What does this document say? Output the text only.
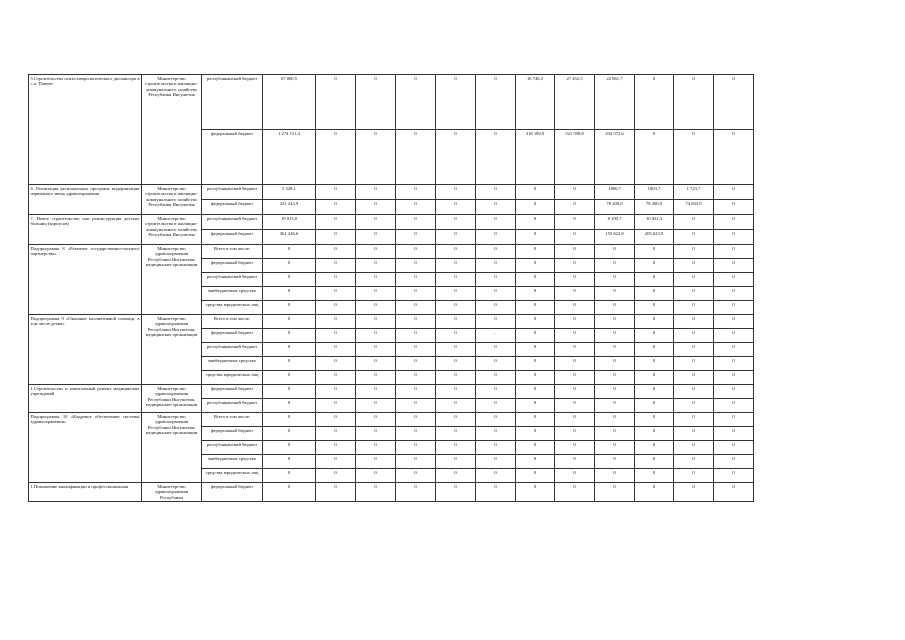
5.Строительство психо-неврологического диспансера в с.п. Плиево	Министерство строительства и жилищно-коммунального хозяйства Республики Ингушетия	республиканский бюджет	67 060,5	0	0	0	0	0	16 746,3	27 452,5	22 861,7	0	0	0
		федеральный бюджет	1 274 151,4	0	0	0	0	0	318 180,9	521 598,8	434 372,6	0	0	0
6. Реализация региональных программ модернизации первичного звена здравоохранения	Министерство строительства и жилищно-коммунального хозяйства Республики Ингушетия	республиканский бюджет	5 328,1	0	0	0	0	0	0	0	1800,7	1803,7	1 723,7	0
		федеральный бюджет	231 243,9	0	0	0	0	0	0	0	78 200,0	78 200,0	74 843,9	0
7. Новое строительство или реконструкция детских больниц (корпусов)	Министерство строительства и жилищно-коммунального хозяйства Республики Ингушетия	республиканский бюджет	19 013,0	0	0	0	0	0	0	0	8 190,7	10 822,3	0	0
		федеральный бюджет	361 246,6	0	0	0	0	0	0	0	155 622,8	205 623,9	0	0
Подпрограмма 8 «Развитие государственно-частного партнерства»	Министерство здравоохранения Республики Ингушетия, медицинские организации	Всего в том числе:	0	0	0	0	0	0	0	0	0	0	0	0
		федеральный бюджет	0	0	0	0	0	0	0	0	0	0	0	0
		республиканский бюджет	0	0	0	0	0	0	0	0	0	0	0	0
		внебюджетные средства	0	0	0	0	0	0	0	0	0	0	0	0
		средства юридических лиц	0	0	0	0	0	0	0	0	0	0	0	0
Подпрограмма 9 «Оказание паллиативной помощи, в том числе детям»	Министерство здравоохранения Республики Ингушетия, медицинские организации	Всего в том числе:	0	0	0	0	0	0	0	0	0	0	0	0
		федеральный бюджет	0	0	0	0	0	.	0	0	0	0	0	0
		республиканский бюджет	0	0	0	0	0	0	0	0	0	0	0	0
		внебюджетные средства	0	0	0	0	0	0	0	0	0	0	0	0
		средства юридических лиц	0	0	0	0	0	0	0	0	0	0	0	0
1.Строительство и капитальный ремонт медицинских учреждений	Министерство здравоохранения Республики Ингушетия, медицинские организации	федеральный бюджет	0	0	0	0	0	0	0	0	0	0	0	0
		республиканский бюджет	0	0	0	0	0	0	0	0	0	0	0	0
Подпрограмма 10 «Кадровое обеспечение системы здравоохранения»	Министерство здравоохранения Республики Ингушетия, медицинские организации	Всего в том числе:	0	0	0	0	0	0	0	0	0	0	0	0
		федеральный бюджет	0	0	0	0	0	0	0	0	0	0	0	0
		республиканский бюджет	0	0	0	0	0	0	0	0	0	0	0	0
		внебюджетные средства	0	0	0	0	0	0	0	0	0	0	0	0
		средства юридических лиц	0	0	0	0	0	0	0	0	0	0	0	0
1.Повышение квалификации и профессиональная	Министерство здравоохранения Республики	федеральный бюджет	0	0	0	0	0	0	0	0	0	0	0	0
